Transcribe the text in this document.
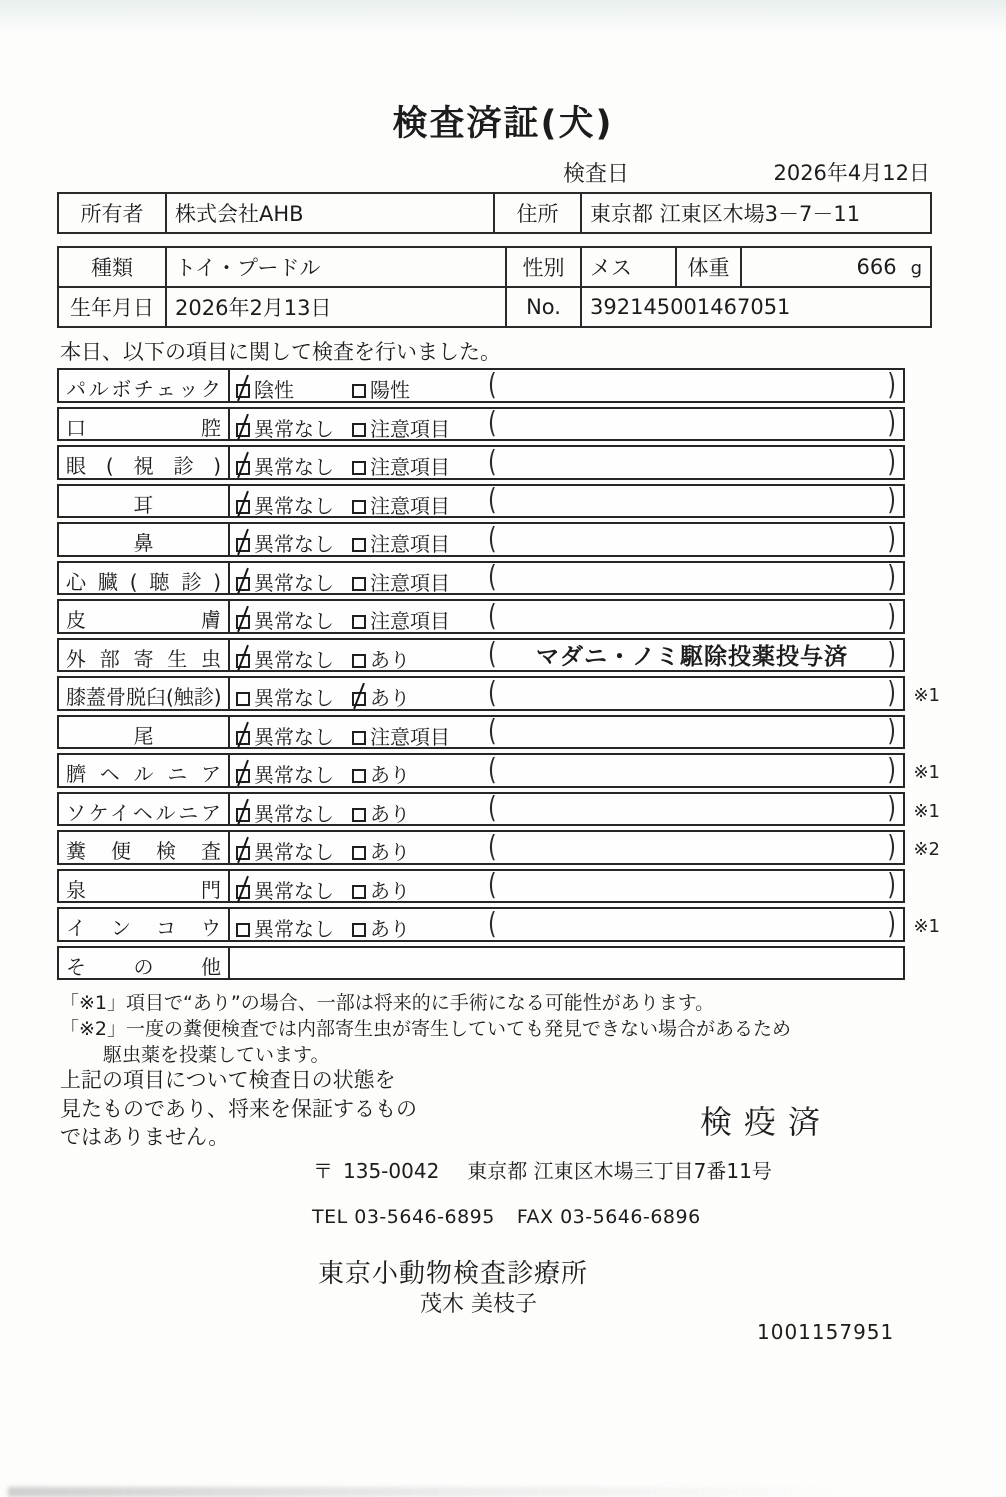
検査済証(犬)
検査日	2026年4月12日
所有者	株式会社AHB	住所	東京都 江東区木場3－7－11
種類	トイ・プードル	性別	メス	体重	666 g
生年月日	2026年2月13日	No.	392145001467051		
本日、以下の項目に関して検査を行いました。
パルボチェック	陰性	陽性	(	)
口腔	異常なし	注意項目 (	)
眼(視診)	異常なし	注意項目 (	)
耳	異常なし	注意項目 (	)
鼻	異常なし	注意項目 (	)
心臓(聴診)	異常なし	注意項目 (	)
皮膚	異常なし	注意項目 (	)
外部寄生虫	異常なし	あり	(	マダニ・ノミ駆除投薬投与済	)
膝蓋骨脱臼(触診)	異常なし	あり	(	) ※1
尾	異常なし	注意項目 (	)
臍ヘルニア	異常なし	あり	(	) ※1
ソケイヘルニア	異常なし	あり	(	) ※1
糞便検査	異常なし	あり	(	) ※2
泉門	異常なし	あり	(	)
インコウ	異常なし	あり	(	) ※1
その他
「※1」項目で“あり”の場合、一部は将来的に手術になる可能性があります。
「※2」一度の糞便検査では内部寄生虫が寄生していても発見できない場合があるため
駆虫薬を投薬しています。
上記の項目について検査日の状態を
見たものであり、将来を保証するもの
ではありません。	検疫済
〒 135-0042 東京都 江東区木場三丁目7番11号
TEL 03-5646-6895 FAX 03-5646-6896
東京小動物検査診療所
茂木 美枝子
1001157951
